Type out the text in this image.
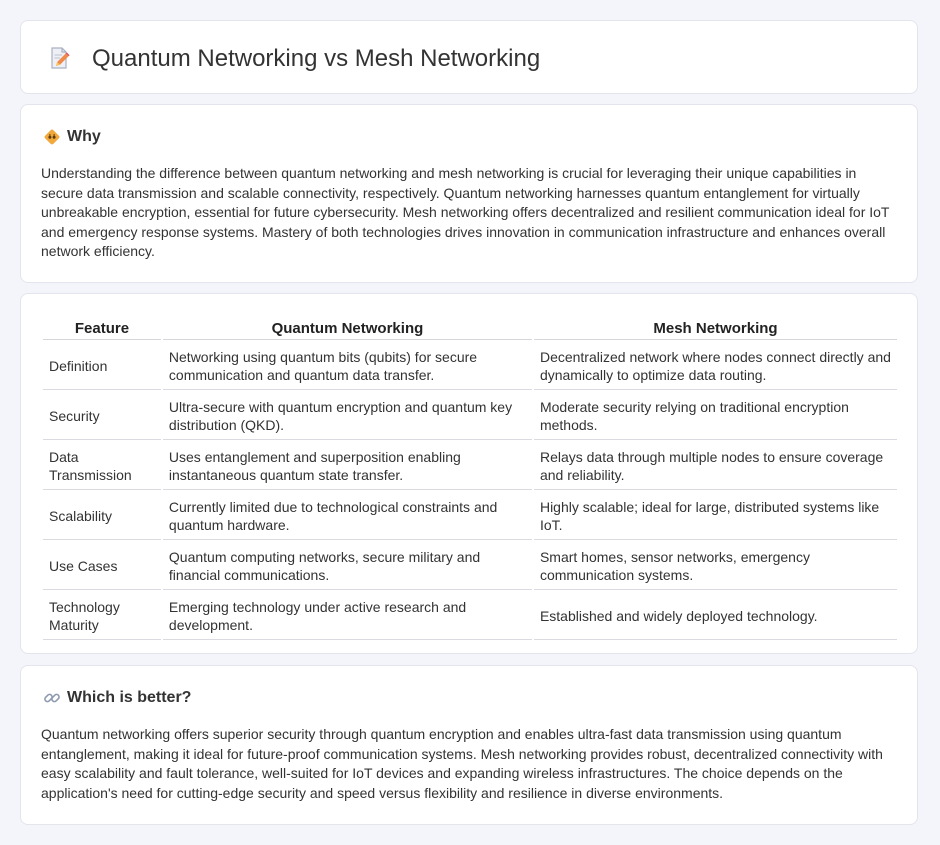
Quantum Networking vs Mesh Networking
Why

Understanding the difference between quantum networking and mesh networking is crucial for leveraging their unique capabilities in secure data transmission and scalable connectivity, respectively. Quantum networking harnesses quantum entanglement for virtually unbreakable encryption, essential for future cybersecurity. Mesh networking offers decentralized and resilient communication ideal for IoT and emergency response systems. Mastery of both technologies drives innovation in communication infrastructure and enhances overall network efficiency.

Feature	Quantum Networking	Mesh Networking
Definition	Networking using quantum bits (qubits) for secure communication and quantum data transfer.	Decentralized network where nodes connect directly and dynamically to optimize data routing.
Security	Ultra-secure with quantum encryption and quantum key distribution (QKD).	Moderate security relying on traditional encryption methods.
Data Transmission	Uses entanglement and superposition enabling instantaneous quantum state transfer.	Relays data through multiple nodes to ensure coverage and reliability.
Scalability	Currently limited due to technological constraints and quantum hardware.	Highly scalable; ideal for large, distributed systems like IoT.
Use Cases	Quantum computing networks, secure military and financial communications.	Smart homes, sensor networks, emergency communication systems.
Technology Maturity	Emerging technology under active research and development.	Established and widely deployed technology.
Which is better?

Quantum networking offers superior security through quantum encryption and enables ultra-fast data transmission using quantum entanglement, making it ideal for future-proof communication systems. Mesh networking provides robust, decentralized connectivity with easy scalability and fault tolerance, well-suited for IoT devices and expanding wireless infrastructures. The choice depends on the application's need for cutting-edge security and speed versus flexibility and resilience in diverse environments.
